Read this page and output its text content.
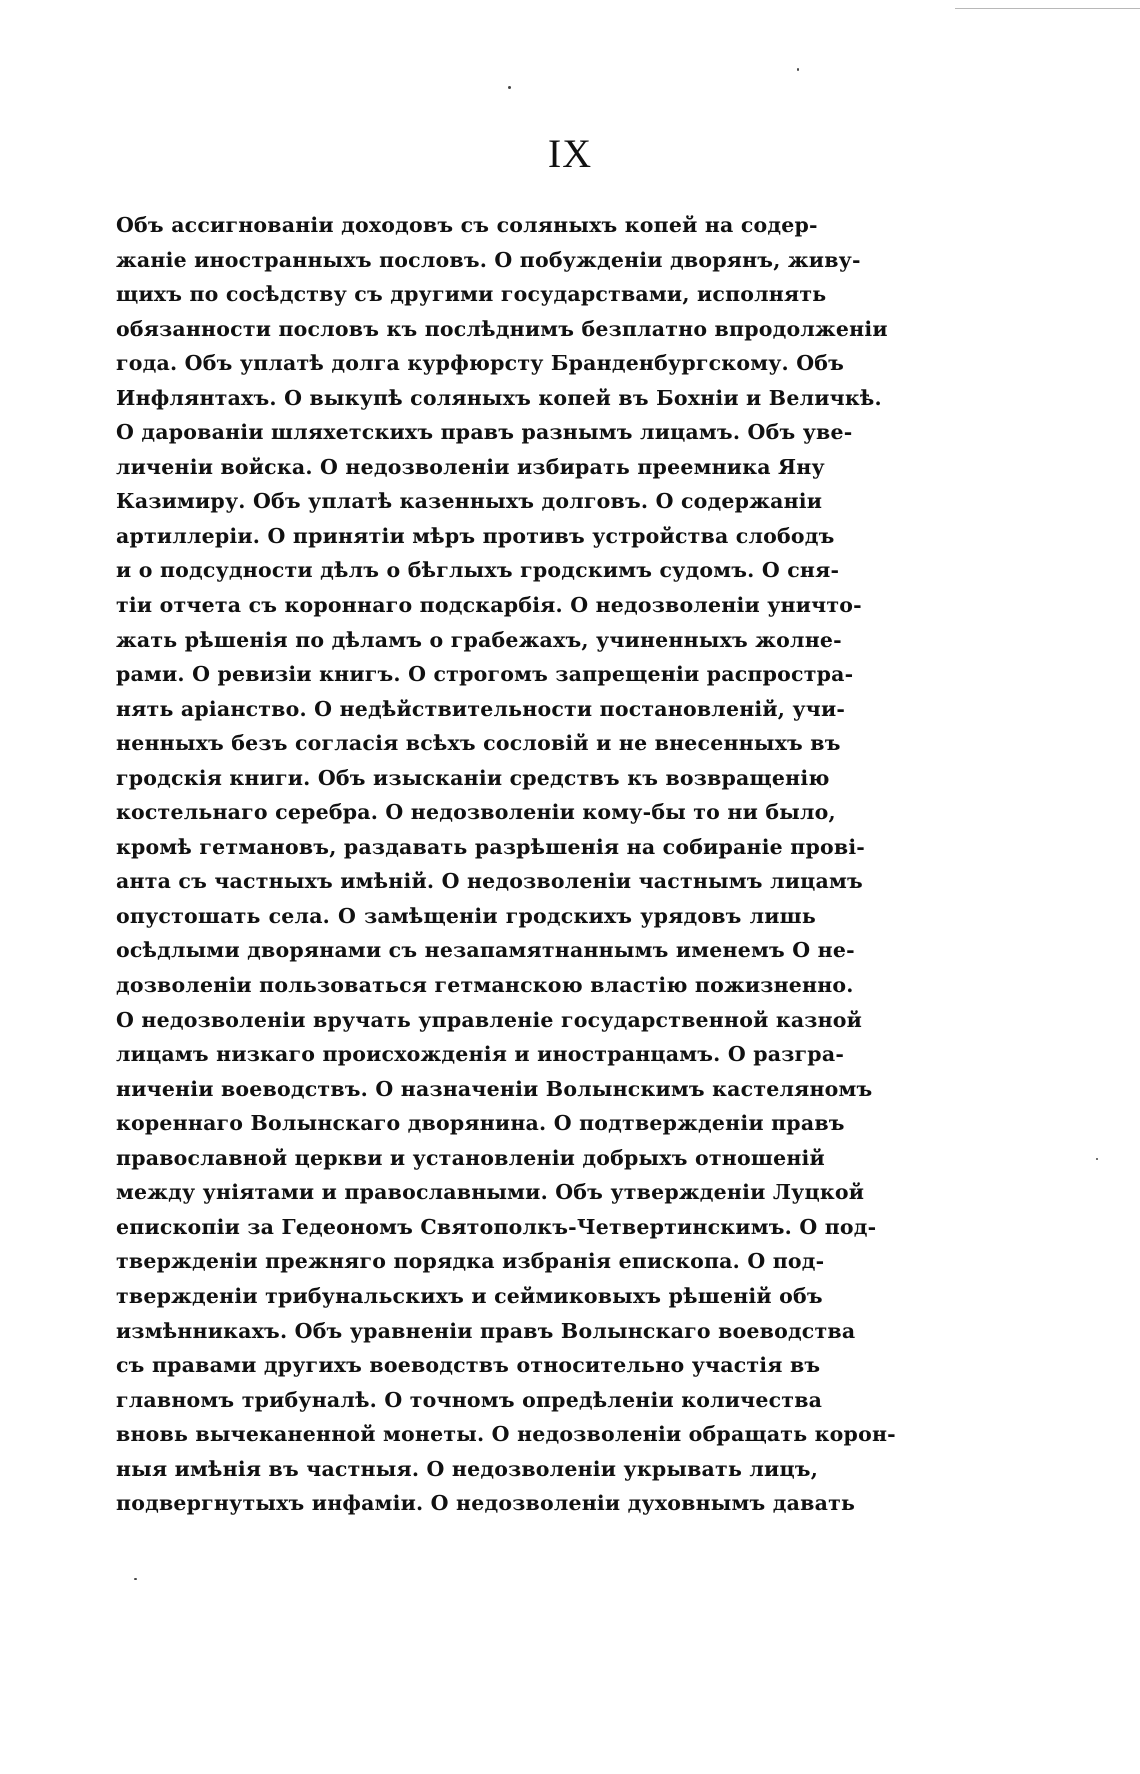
IX
Объ ассигнованiи доходовъ съ соляныхъ копей на содер-
жанiе иностранныхъ пословъ. О побужденiи дворянъ, живу-
щихъ по сосѣдству съ другими государствами, исполнять
обязанности пословъ къ послѣднимъ безплатно впродолженiи
года. Объ уплатѣ долга курфюрсту Бранденбургскому. Объ
Инфлянтахъ. О выкупѣ соляныхъ копей въ Бохнiи и Величкѣ.
О дарованiи шляхетскихъ правъ разнымъ лицамъ. Объ уве-
личенiи войска. О недозволенiи избирать преемника Яну
Казимиру. Объ уплатѣ казенныхъ долговъ. О содержанiи
артиллерiи. О принятiи мѣръ противъ устройства слободъ
и о подсудности дѣлъ о бѣглыхъ гродскимъ судомъ. О сня-
тiи отчета съ короннаго подскарбiя. О недозволенiи уничто-
жать рѣшенiя по дѣламъ о грабежахъ, учиненныхъ жолне-
рами. О ревизiи книгъ. О строгомъ запрещенiи распростра-
нять арiанство. О недѣйствительности постановленiй, учи-
ненныхъ безъ согласiя всѣхъ сословiй и не внесенныхъ въ
гродскiя книги. Объ изысканiи средствъ къ возвращенiю
костельнаго серебра. О недозволенiи кому-бы то ни было,
кромѣ гетмановъ, раздавать разрѣшенiя на собиранiе провi-
анта съ частныхъ имѣнiй. О недозволенiи частнымъ лицамъ
опустошать села. О замѣщенiи гродскихъ урядовъ лишь
осѣдлыми дворянами съ незапамятнаннымъ именемъ О не-
дозволенiи пользоваться гетманскою властiю пожизненно.
О недозволенiи вручать управленiе государственной казной
лицамъ низкаго происхожденiя и иностранцамъ. О разгра-
ниченiи воеводствъ. О назначенiи Волынскимъ кастеляномъ
кореннаго Волынскаго дворянина. О подтвержденiи правъ
православной церкви и установленiи добрыхъ отношенiй
между унiятами и православными. Объ утвержденiи Луцкой
епископiи за Гедеономъ Святополкъ-Четвертинскимъ. О под-
твержденiи прежняго порядка избранiя епископа. О под-
твержденiи трибунальскихъ и сеймиковыхъ рѣшенiй объ
измѣнникахъ. Объ уравненiи правъ Волынскаго воеводства
съ правами другихъ воеводствъ относительно участiя въ
главномъ трибуналѣ. О точномъ опредѣленiи количества
вновь вычеканенной монеты. О недозволенiи обращать корон-
ныя имѣнiя въ частныя. О недозволенiи укрывать лицъ,
подвергнутыхъ инфамiи. О недозволенiи духовнымъ давать
